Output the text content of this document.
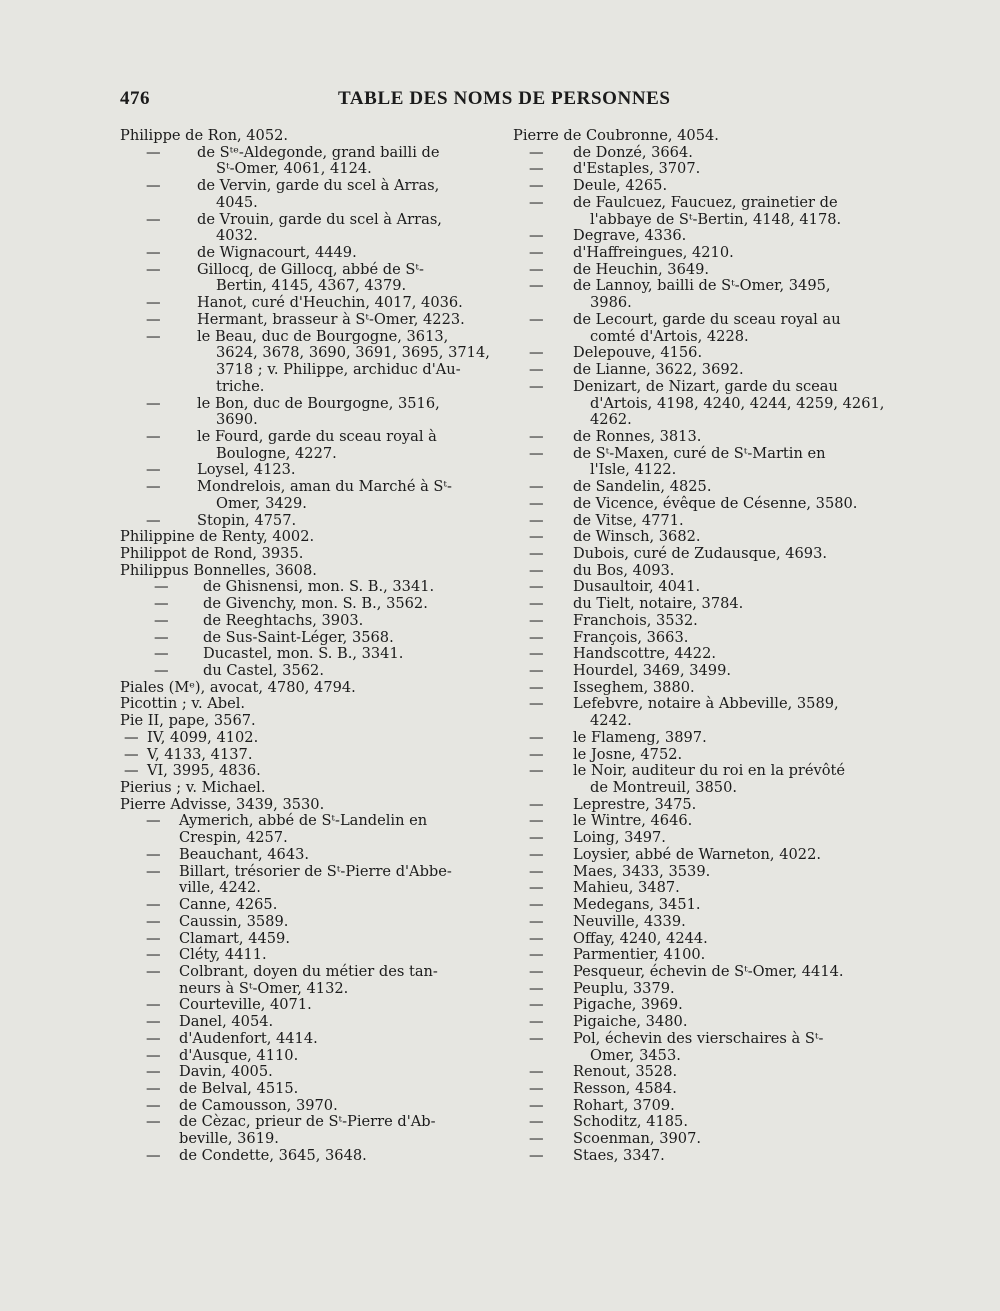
476	TABLE DES NOMS DE PERSONNES
Philippe de Ron, 4052.
— de Sᵗᵉ-Aldegonde, grand bailli de
Sᵗ-Omer, 4061, 4124.
— de Vervin, garde du scel à Arras,
4045.
— de Vrouin, garde du scel à Arras,
4032.
— de Wignacourt, 4449.
— Gillocq, de Gillocq, abbé de Sᵗ-
Bertin, 4145, 4367, 4379.
— Hanot, curé d'Heuchin, 4017, 4036.
— Hermant, brasseur à Sᵗ-Omer, 4223.
— le Beau, duc de Bourgogne, 3613,
3624, 3678, 3690, 3691, 3695, 3714,
3718 ; v. Philippe, archiduc d'Au-
triche.
— le Bon, duc de Bourgogne, 3516,
3690.
— le Fourd, garde du sceau royal à
Boulogne, 4227.
— Loysel, 4123.
— Mondrelois, aman du Marché à Sᵗ-
Omer, 3429.
— Stopin, 4757.
Philippine de Renty, 4002.
Philippot de Rond, 3935.
Philippus Bonnelles, 3608.
— de Ghisnensi, mon. S. B., 3341.
— de Givenchy, mon. S. B., 3562.
— de Reeghtachs, 3903.
— de Sus-Saint-Léger, 3568.
— Ducastel, mon. S. B., 3341.
— du Castel, 3562.
Piales (Mᵉ), avocat, 4780, 4794.
Picottin ; v. Abel.
Pie II, pape, 3567.
— IV, 4099, 4102.
— V, 4133, 4137.
— VI, 3995, 4836.
Pierius ; v. Michael.
Pierre Advisse, 3439, 3530.
— Aymerich, abbé de Sᵗ-Landelin en
Crespin, 4257.
— Beauchant, 4643.
— Billart, trésorier de Sᵗ-Pierre d'Abbe-
ville, 4242.
— Canne, 4265.
— Caussin, 3589.
— Clamart, 4459.
— Cléty, 4411.
— Colbrant, doyen du métier des tan-
neurs à Sᵗ-Omer, 4132.
— Courteville, 4071.
— Danel, 4054.
— d'Audenfort, 4414.
— d'Ausque, 4110.
— Davin, 4005.
— de Belval, 4515.
— de Camousson, 3970.
— de Cèzac, prieur de Sᵗ-Pierre d'Ab-
beville, 3619.
— de Condette, 3645, 3648.
Pierre de Coubronne, 4054.
— de Donzé, 3664.
— d'Estaples, 3707.
— Deule, 4265.
— de Faulcuez, Faucuez, grainetier de
l'abbaye de Sᵗ-Bertin, 4148, 4178.
— Degrave, 4336.
— d'Haffreingues, 4210.
— de Heuchin, 3649.
— de Lannoy, bailli de Sᵗ-Omer, 3495,
3986.
— de Lecourt, garde du sceau royal au
comté d'Artois, 4228.
— Delepouve, 4156.
— de Lianne, 3622, 3692.
— Denizart, de Nizart, garde du sceau
d'Artois, 4198, 4240, 4244, 4259, 4261,
4262.
— de Ronnes, 3813.
— de Sᵗ-Maxen, curé de Sᵗ-Martin en
l'Isle, 4122.
— de Sandelin, 4825.
— de Vicence, évêque de Césenne, 3580.
— de Vitse, 4771.
— de Winsch, 3682.
— Dubois, curé de Zudausque, 4693.
— du Bos, 4093.
— Dusaultoir, 4041.
— du Tielt, notaire, 3784.
— Franchois, 3532.
— François, 3663.
— Handscottre, 4422.
— Hourdel, 3469, 3499.
— Isseghem, 3880.
— Lefebvre, notaire à Abbeville, 3589,
4242.
— le Flameng, 3897.
— le Josne, 4752.
— le Noir, auditeur du roi en la prévôté
de Montreuil, 3850.
— Leprestre, 3475.
— le Wintre, 4646.
— Loing, 3497.
— Loysier, abbé de Warneton, 4022.
— Maes, 3433, 3539.
— Mahieu, 3487.
— Medegans, 3451.
— Neuville, 4339.
— Offay, 4240, 4244.
— Parmentier, 4100.
— Pesqueur, échevin de Sᵗ-Omer, 4414.
— Peuplu, 3379.
— Pigache, 3969.
— Pigaiche, 3480.
— Pol, échevin des vierschaires à Sᵗ-
Omer, 3453.
— Renout, 3528.
— Resson, 4584.
— Rohart, 3709.
— Schoditz, 4185.
— Scoenman, 3907.
— Staes, 3347.
